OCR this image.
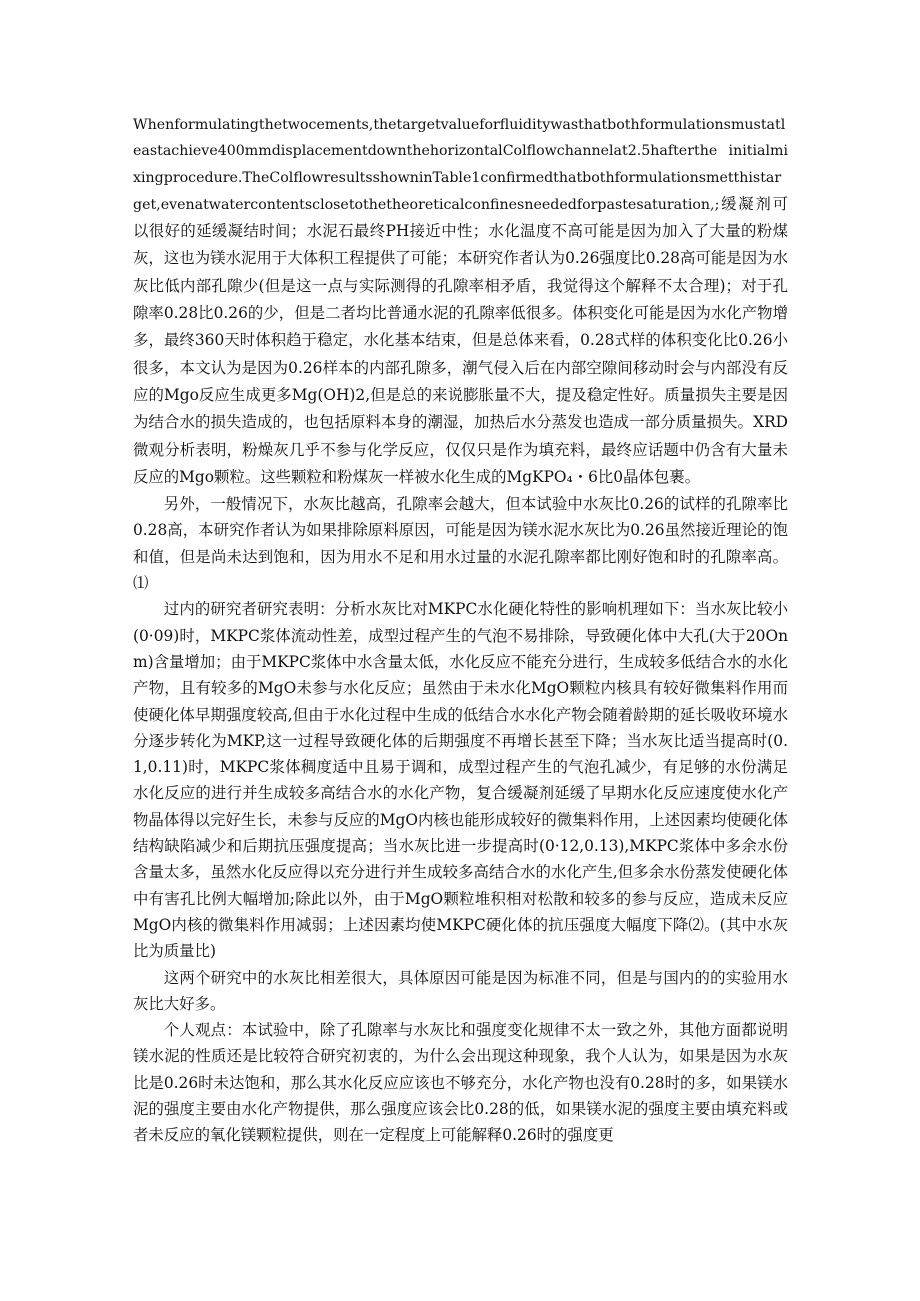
Whenformulatingthetwocements,thetargetvalueforfluiditywasthatbothformulationsmustatleastachieve400mmdisplacementdownthehorizontalColflowchannelat2.5hafterthe initialmixingprocedure.TheColflowresultsshowninTable1confirmedthatbothformulationsmetthistarget,evenatwatercontentsclosetothetheoreticalconfinesneededforpastesaturation,;缓凝剂可以很好的延缓凝结时间；水泥石最终PH接近中性；水化温度不高可能是因为加入了大量的粉煤灰，这也为镁水泥用于大体积工程提供了可能；本研究作者认为0.26强度比0.28高可能是因为水灰比低内部孔隙少(但是这一点与实际测得的孔隙率相矛盾，我觉得这个解释不太合理)；对于孔隙率0.28比0.26的少，但是二者均比普通水泥的孔隙率低很多。体积变化可能是因为水化产物增多，最终360天时体积趋于稳定，水化基本结束，但是总体来看，0.28式样的体积变化比0.26小很多，本文认为是因为0.26样本的内部孔隙多，潮气侵入后在内部空隙间移动时会与内部没有反应的Mgo反应生成更多Mg(OH)2,但是总的来说膨胀量不大，提及稳定性好。质量损失主要是因为结合水的损失造成的，也包括原料本身的潮湿，加热后水分蒸发也造成一部分质量损失。XRD微观分析表明，粉燥灰几乎不参与化学反应，仅仅只是作为填充料，最终应话题中仍含有大量未反应的Mgo颗粒。这些颗粒和粉煤灰一样被水化生成的MgKPO₄・6比0晶体包裹。

另外，一般情况下，水灰比越高，孔隙率会越大，但本试验中水灰比0.26的试样的孔隙率比0.28高，本研究作者认为如果排除原料原因，可能是因为镁水泥水灰比为0.26虽然接近理论的饱和值，但是尚未达到饱和，因为用水不足和用水过量的水泥孔隙率都比刚好饱和时的孔隙率高。⑴

过内的研究者研究表明：分析水灰比对MKPC水化硬化特性的影响机理如下：当水灰比较小(0·09)时，MKPC浆体流动性差，成型过程产生的气泡不易排除，导致硬化体中大孔(大于20Onm)含量增加；由于MKPC浆体中水含量太低，水化反应不能充分进行，生成较多低结合水的水化产物，且有较多的MgO未参与水化反应；虽然由于未水化MgO颗粒内核具有较好微集料作用而使硬化体早期强度较高,但由于水化过程中生成的低结合水水化产物会随着龄期的延长吸收环境水分逐步转化为MKP,这一过程导致硬化体的后期强度不再增长甚至下降；当水灰比适当提高时(0.1,0.11)时，MKPC浆体稠度适中且易于调和，成型过程产生的气泡孔减少，有足够的水份满足水化反应的进行并生成较多高结合水的水化产物，复合缓凝剂延缓了早期水化反应速度使水化产物晶体得以完好生长，未参与反应的MgO内核也能形成较好的微集料作用，上述因素均使硬化体结构缺陷减少和后期抗压强度提高；当水灰比进一步提高时(0·12,0.13),MKPC浆体中多余水份含量太多，虽然水化反应得以充分进行并生成较多高结合水的水化产生,但多余水份蒸发使硬化体中有害孔比例大幅增加;除此以外，由于MgO颗粒堆积相对松散和较多的参与反应，造成未反应MgO内核的微集料作用减弱；上述因素均使MKPC硬化体的抗压强度大幅度下降⑵。(其中水灰比为质量比)

这两个研究中的水灰比相差很大，具体原因可能是因为标准不同，但是与国内的的实验用水灰比大好多。

个人观点：本试验中，除了孔隙率与水灰比和强度变化规律不太一致之外，其他方面都说明镁水泥的性质还是比较符合研究初衷的，为什么会出现这种现象，我个人认为，如果是因为水灰比是0.26时未达饱和，那么其水化反应应该也不够充分，水化产物也没有0.28时的多，如果镁水泥的强度主要由水化产物提供，那么强度应该会比0.28的低，如果镁水泥的强度主要由填充料或者未反应的氧化镁颗粒提供，则在一定程度上可能解释0.26时的强度更
